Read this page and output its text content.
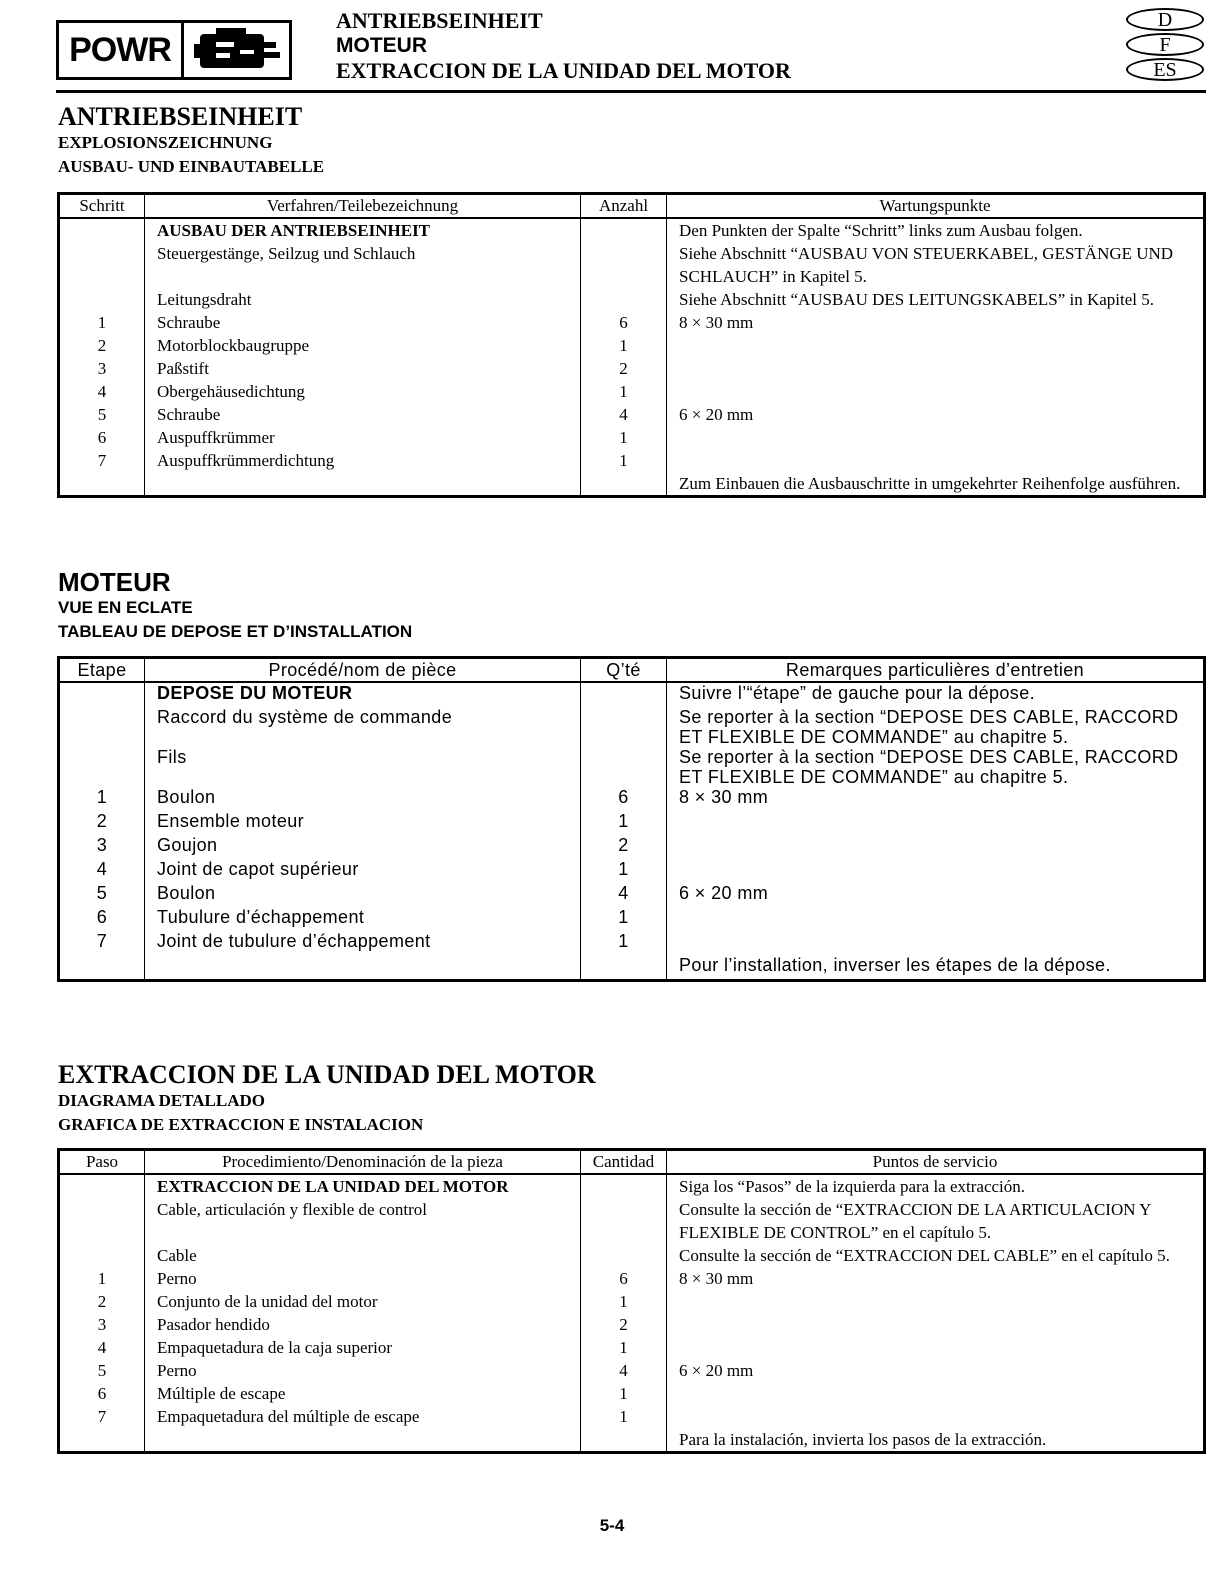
POWR
ANTRIEBSEINHEIT
MOTEUR
EXTRACCION DE LA UNIDAD DEL MOTOR
D
F
ES
ANTRIEBSEINHEIT
EXPLOSIONSZEICHNUNG
AUSBAU- UND EINBAUTABELLE
Schritt	Verfahren/Teilebezeichnung	Anzahl	Wartungspunkte
	AUSBAU DER ANTRIEBSEINHEIT		Den Punkten der Spalte “Schritt” links zum Ausbau folgen.
	Steuergestänge, Seilzug und Schlauch		Siehe Abschnitt “AUSBAU VON STEUERKABEL, GESTÄNGE UND SCHLAUCH” in Kapitel 5.
	Leitungsdraht		Siehe Abschnitt “AUSBAU DES LEITUNGSKABELS” in Kapitel 5.
1	Schraube	6	8 × 30 mm
2	Motorblockbaugruppe	1	
3	Paßstift	2	
4	Obergehäusedichtung	1	
5	Schraube	4	6 × 20 mm
6	Auspuffkrümmer	1	
7	Auspuffkrümmerdichtung	1	
			Zum Einbauen die Ausbauschritte in umgekehrter Reihenfolge ausführen.
MOTEUR
VUE EN ECLATE
TABLEAU DE DEPOSE ET D’INSTALLATION
Etape	Procédé/nom de pièce	Q’té	Remarques particulières d’entretien
	DEPOSE DU MOTEUR		Suivre l’“étape” de gauche pour la dépose.
	Raccord du système de commande		Se reporter à la section “DEPOSE DES CABLE, RACCORD ET FLEXIBLE DE COMMANDE” au chapitre 5.
	Fils		Se reporter à la section “DEPOSE DES CABLE, RACCORD ET FLEXIBLE DE COMMANDE” au chapitre 5.
1	Boulon	6	8 × 30 mm
2	Ensemble moteur	1	
3	Goujon	2	
4	Joint de capot supérieur	1	
5	Boulon	4	6 × 20 mm
6	Tubulure d’échappement	1	
7	Joint de tubulure d’échappement	1	
			Pour l’installation, inverser les étapes de la dépose.
EXTRACCION DE LA UNIDAD DEL MOTOR
DIAGRAMA DETALLADO
GRAFICA DE EXTRACCION E INSTALACION
Paso	Procedimiento/Denominación de la pieza	Cantidad	Puntos de servicio
	EXTRACCION DE LA UNIDAD DEL MOTOR		Siga los “Pasos” de la izquierda para la extracción.
	Cable, articulación y flexible de control		Consulte la sección de “EXTRACCION DE LA ARTICULACION Y FLEXIBLE DE CONTROL” en el capítulo 5.
	Cable		Consulte la sección de “EXTRACCION DEL CABLE” en el capítulo 5.
1	Perno	6	8 × 30 mm
2	Conjunto de la unidad del motor	1	
3	Pasador hendido	2	
4	Empaquetadura de la caja superior	1	
5	Perno	4	6 × 20 mm
6	Múltiple de escape	1	
7	Empaquetadura del múltiple de escape	1	
			Para la instalación, invierta los pasos de la extracción.
5-4
